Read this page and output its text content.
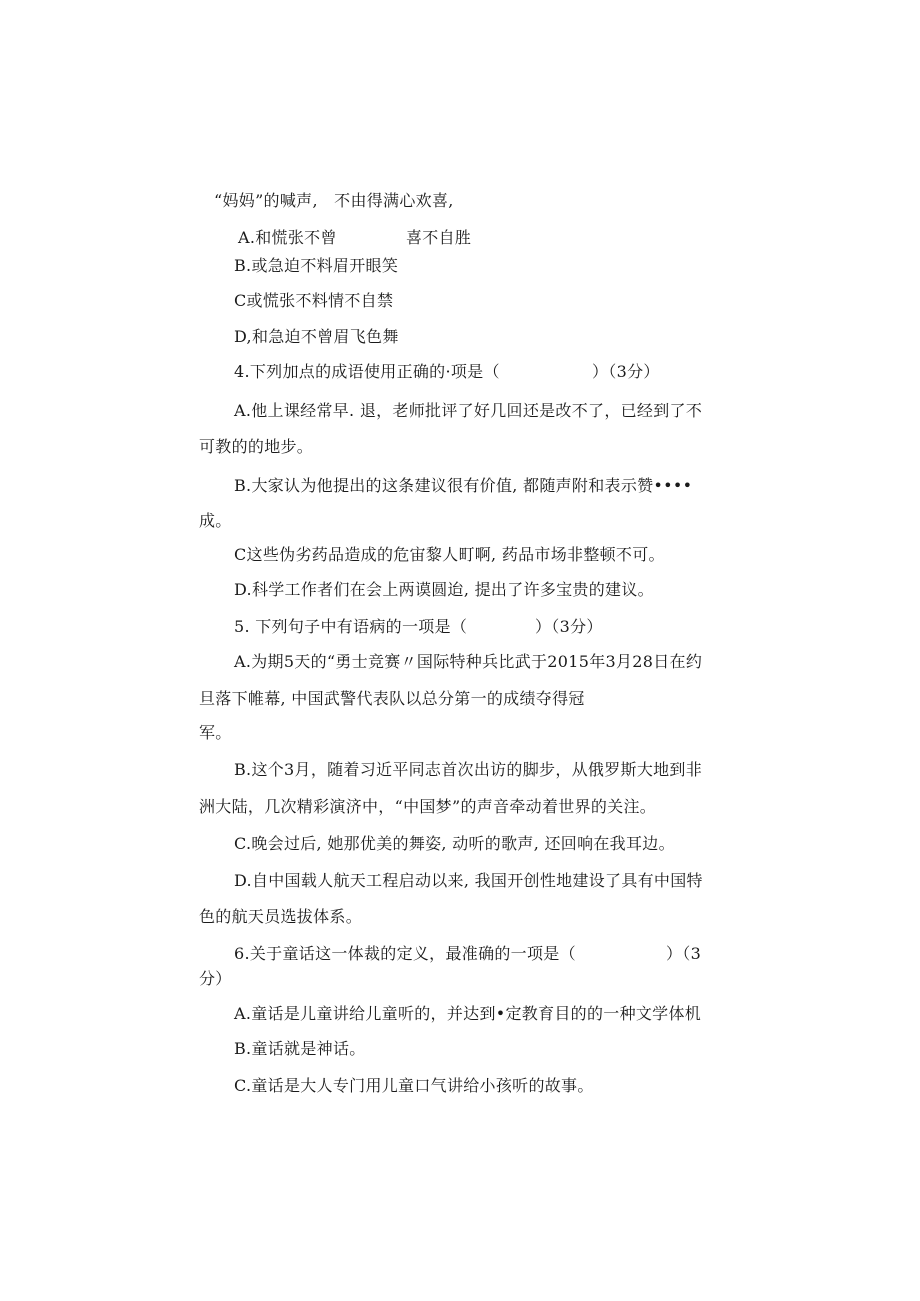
“妈妈”的喊声,　不由得满心欢喜,
A.和慌张不曾	喜不自胜
B.或急迫不料眉开眼笑
C或慌张不料情不自禁
D,和急迫不曾眉飞色舞
4.下列加点的成语使用正确的·项是（	）（3分）
A.他上课经常早. 退，老师批评了好几回还是改不了，已经到了不
可教的的地步。
B.大家认为他提出的这条建议很有价值, 都随声附和表示赞••••
成。
C这些伪劣药品造成的危宙黎人町啊, 药品市场非整顿不可。
D.科学工作者们在会上两谟圆迨, 提出了许多宝贵的建议。
5. 下列句子中有语病的一项是（	）（3分）
A.为期5天的“勇士竞赛〃国际特种兵比武于2015年3月28日在约
旦落下帷幕, 中国武警代表队以总分第一的成绩夺得冠
军。
B.这个3月，随着习近平同志首次出访的脚步，从俄罗斯大地到非
洲大陆，几次精彩演济中，“中国梦”的声音牵动着世界的关注。
C.晚会过后, 她那优美的舞姿, 动听的歌声, 还回响在我耳边。
D.自中国载人航天工程启动以来, 我国开创性地建设了具有中国特
色的航天员选拔体系。
6.关于童话这一体裁的定义，最准确的一项是（	）（3
分）
A.童话是儿童讲给儿童听的，并达到•定教育目的的一种文学体机
B.童话就是神话。
C.童话是大人专门用儿童口气讲给小孩听的故事。
